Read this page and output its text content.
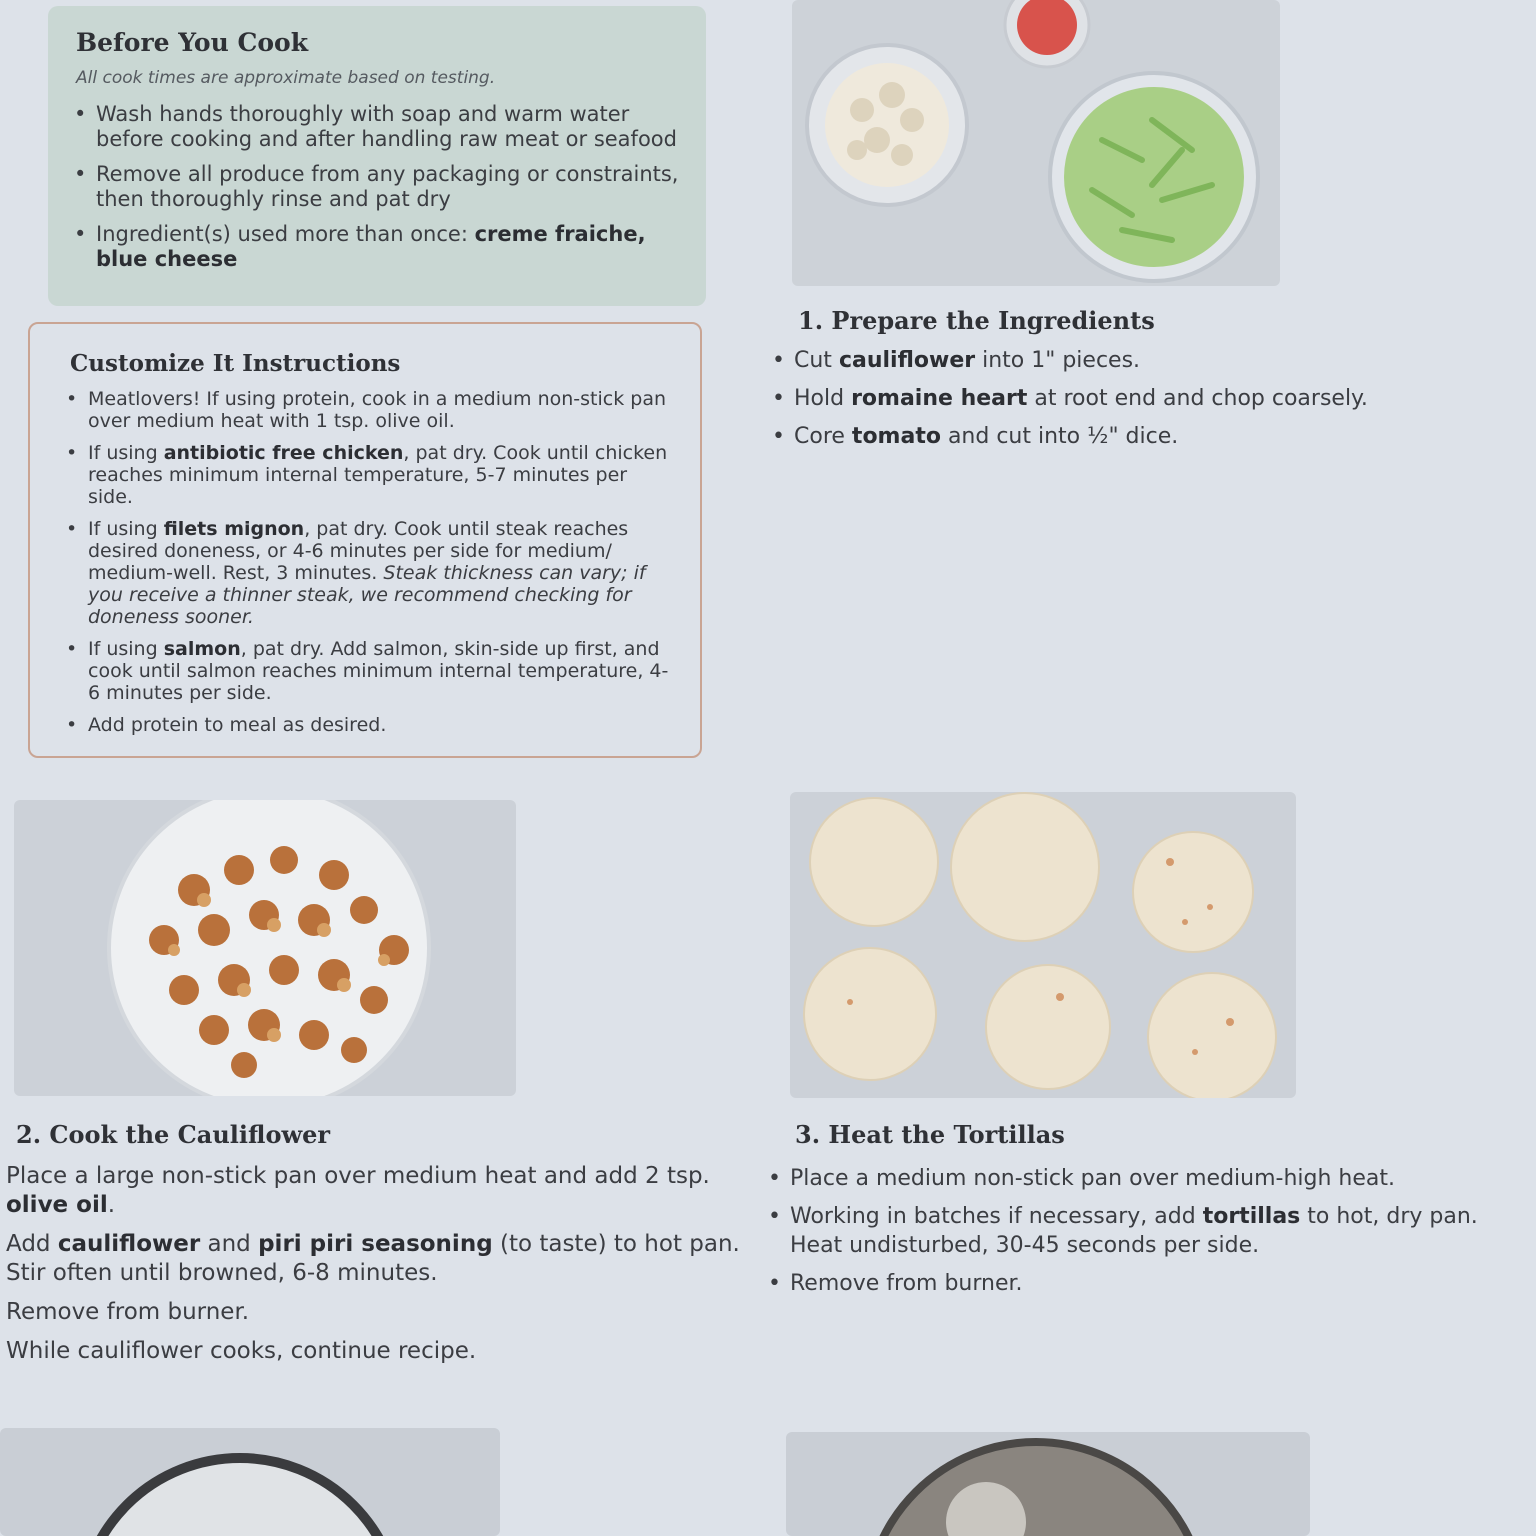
Before You Cook
All cook times are approximate based on testing.
• Wash hands thoroughly with soap and warm water before cooking and after handling raw meat or seafood
• Remove all produce from any packaging or constraints, then thoroughly rinse and pat dry
• Ingredient(s) used more than once: creme fraiche, blue cheese
Customize It Instructions
• Meatlovers! If using protein, cook in a medium non-stick pan over medium heat with 1 tsp. olive oil.
• If using antibiotic free chicken, pat dry. Cook until chicken reaches minimum internal temperature, 5-7 minutes per side.
• If using filets mignon, pat dry. Cook until steak reaches desired doneness, or 4-6 minutes per side for medium/ medium-well. Rest, 3 minutes. Steak thickness can vary; if you receive a thinner steak, we recommend checking for doneness sooner.
• If using salmon, pat dry. Add salmon, skin-side up first, and cook until salmon reaches minimum internal temperature, 4-6 minutes per side.
• Add protein to meal as desired.
1. Prepare the Ingredients
• Cut cauliflower into 1" pieces.
• Hold romaine heart at root end and chop coarsely.
• Core tomato and cut into ½" dice.
2. Cook the Cauliflower

Place a large non-stick pan over medium heat and add 2 tsp. olive oil.

Add cauliflower and piri piri seasoning (to taste) to hot pan. Stir often until browned, 6-8 minutes.

Remove from burner.

While cauliflower cooks, continue recipe.

3. Heat the Tortillas
• Place a medium non-stick pan over medium-high heat.
• Working in batches if necessary, add tortillas to hot, dry pan. Heat undisturbed, 30-45 seconds per side.
• Remove from burner.
